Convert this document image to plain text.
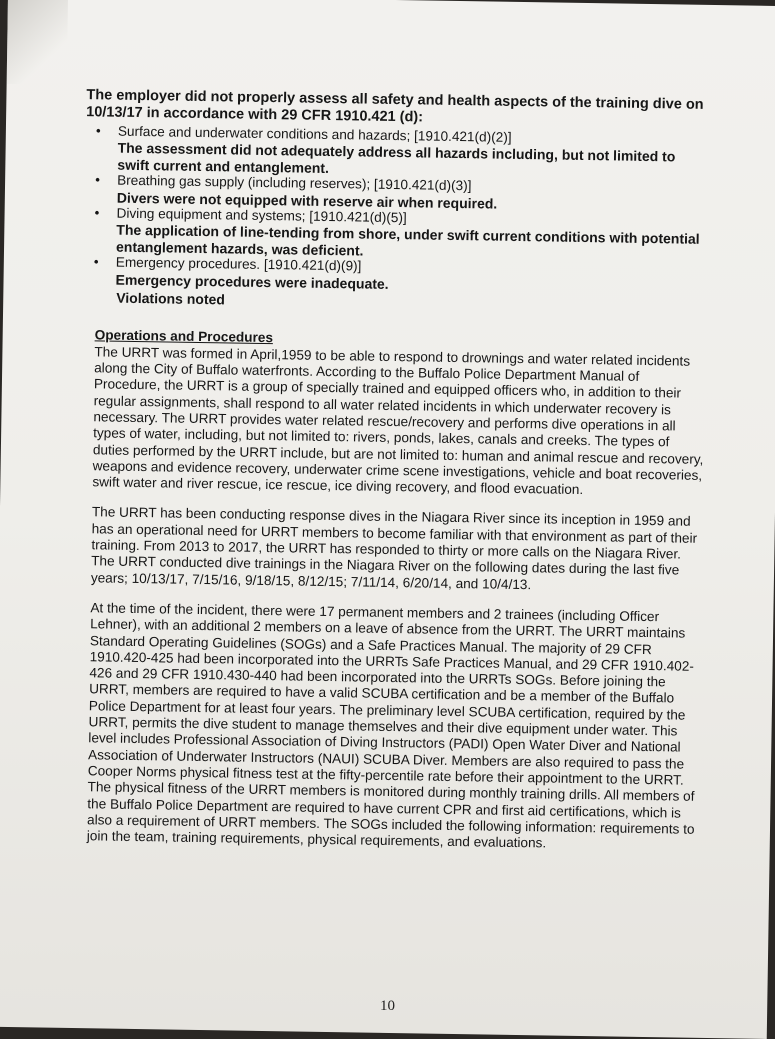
The employer did not properly assess all safety and health aspects of the training dive on 10/13/17 in accordance with 29 CFR 1910.421 (d):

• Surface and underwater conditions and hazards; [1910.421(d)(2)]
The assessment did not adequately address all hazards including, but not limited to swift current and entanglement.
• Breathing gas supply (including reserves); [1910.421(d)(3)]
Divers were not equipped with reserve air when required.
• Diving equipment and systems; [1910.421(d)(5)]
The application of line-tending from shore, under swift current conditions with potential entanglement hazards, was deficient.
• Emergency procedures. [1910.421(d)(9)]
Emergency procedures were inadequate.
Violations noted
Operations and Procedures

The URRT was formed in April,1959 to be able to respond to drownings and water related incidents along the City of Buffalo waterfronts. According to the Buffalo Police Department Manual of Procedure, the URRT is a group of specially trained and equipped officers who, in addition to their regular assignments, shall respond to all water related incidents in which underwater recovery is necessary. The URRT provides water related rescue/recovery and performs dive operations in all types of water, including, but not limited to: rivers, ponds, lakes, canals and creeks. The types of duties performed by the URRT include, but are not limited to: human and animal rescue and recovery, weapons and evidence recovery, underwater crime scene investigations, vehicle and boat recoveries, swift water and river rescue, ice rescue, ice diving recovery, and flood evacuation.

The URRT has been conducting response dives in the Niagara River since its inception in 1959 and has an operational need for URRT members to become familiar with that environment as part of their training. From 2013 to 2017, the URRT has responded to thirty or more calls on the Niagara River. The URRT conducted dive trainings in the Niagara River on the following dates during the last five years; 10/13/17, 7/15/16, 9/18/15, 8/12/15; 7/11/14, 6/20/14, and 10/4/13.

At the time of the incident, there were 17 permanent members and 2 trainees (including Officer Lehner), with an additional 2 members on a leave of absence from the URRT. The URRT maintains Standard Operating Guidelines (SOGs) and a Safe Practices Manual. The majority of 29 CFR 1910.420-425 had been incorporated into the URRTs Safe Practices Manual, and 29 CFR 1910.402-426 and 29 CFR 1910.430-440 had been incorporated into the URRTs SOGs. Before joining the URRT, members are required to have a valid SCUBA certification and be a member of the Buffalo Police Department for at least four years. The preliminary level SCUBA certification, required by the URRT, permits the dive student to manage themselves and their dive equipment under water. This level includes Professional Association of Diving Instructors (PADI) Open Water Diver and National Association of Underwater Instructors (NAUI) SCUBA Diver. Members are also required to pass the Cooper Norms physical fitness test at the fifty-percentile rate before their appointment to the URRT. The physical fitness of the URRT members is monitored during monthly training drills. All members of the Buffalo Police Department are required to have current CPR and first aid certifications, which is also a requirement of URRT members. The SOGs included the following information: requirements to join the team, training requirements, physical requirements, and evaluations.

10
